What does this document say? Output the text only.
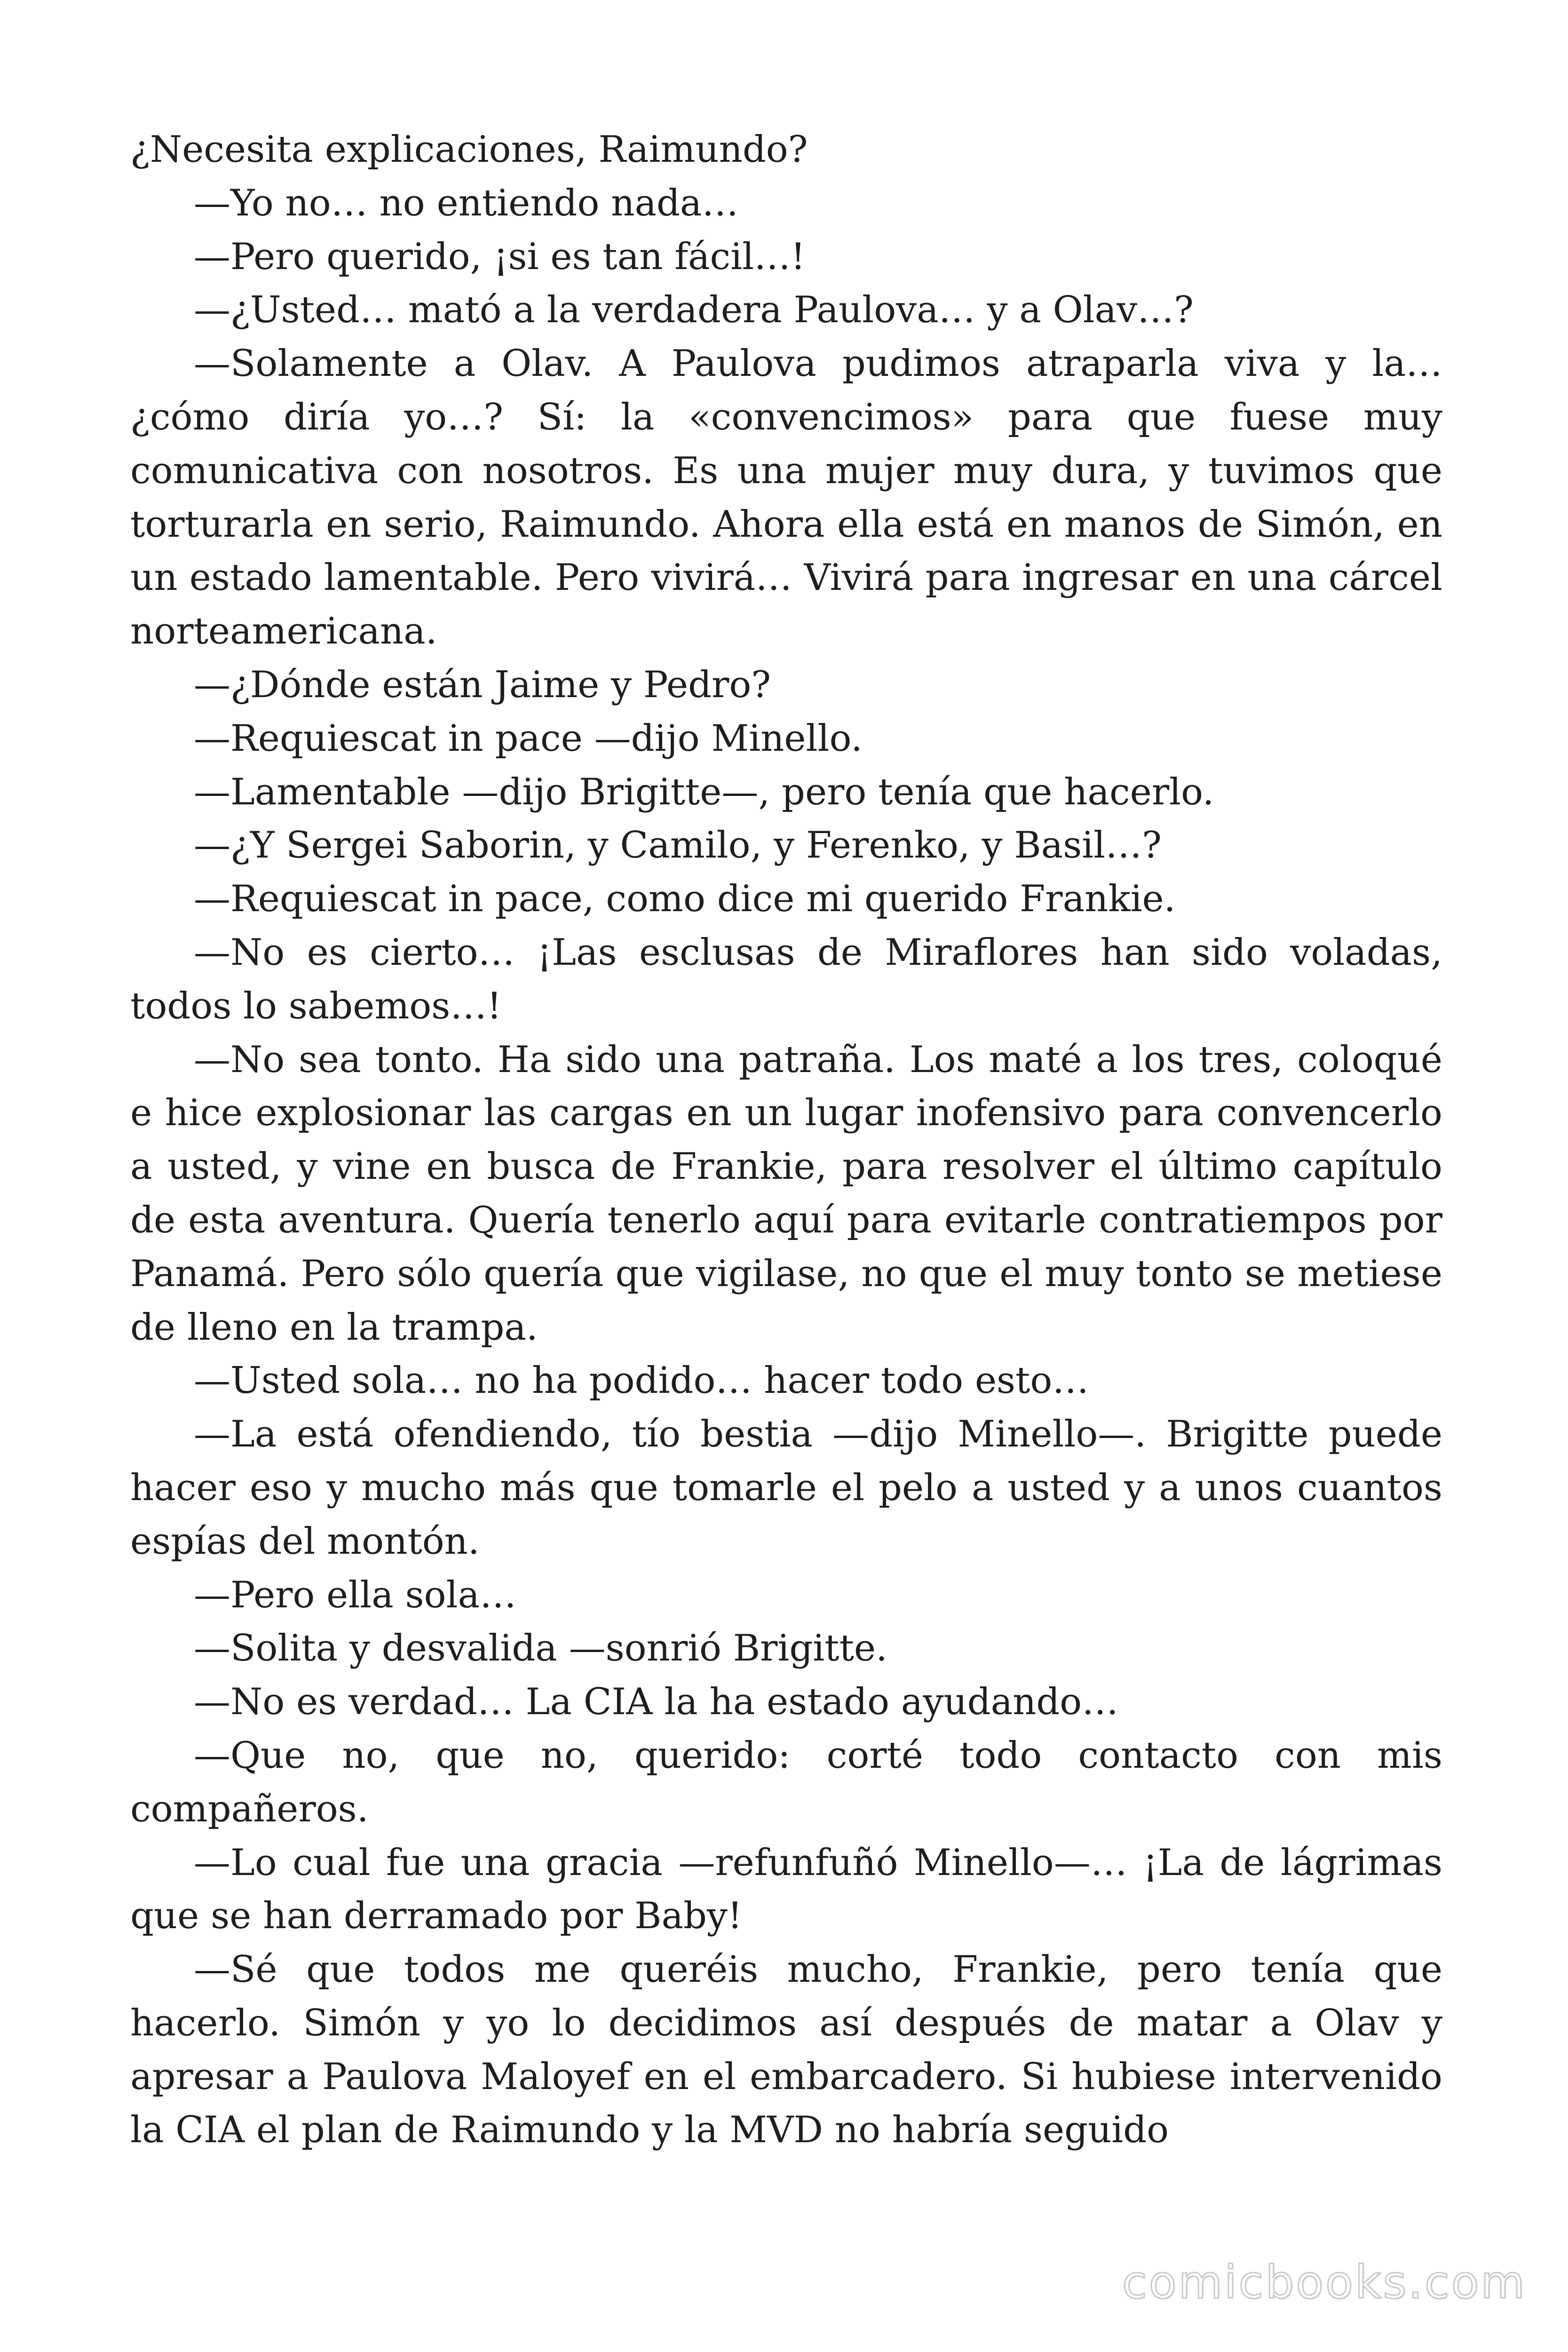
¿Necesita explicaciones, Raimundo?

—Yo no… no entiendo nada…

—Pero querido, ¡si es tan fácil…!

—¿Usted… mató a la verdadera Paulova… y a Olav…?

—Solamente a Olav. A Paulova pudimos atraparla viva y la… ¿cómo diría yo…? Sí: la «convencimos» para que fuese muy comunicativa con nosotros. Es una mujer muy dura, y tuvimos que torturarla en serio, Raimundo. Ahora ella está en manos de Simón, en un estado lamentable. Pero vivirá… Vivirá para ingresar en una cárcel norteamericana.

—¿Dónde están Jaime y Pedro?

—Requiescat in pace —dijo Minello.

—Lamentable —dijo Brigitte—, pero tenía que hacerlo.

—¿Y Sergei Saborin, y Camilo, y Ferenko, y Basil…?

—Requiescat in pace, como dice mi querido Frankie.

—No es cierto… ¡Las esclusas de Miraflores han sido voladas, todos lo sabemos…!

—No sea tonto. Ha sido una patraña. Los maté a los tres, coloqué e hice explosionar las cargas en un lugar inofensivo para convencerlo a usted, y vine en busca de Frankie, para resolver el último capítulo de esta aventura. Quería tenerlo aquí para evitarle contratiempos por Panamá. Pero sólo quería que vigilase, no que el muy tonto se metiese de lleno en la trampa.

—Usted sola… no ha podido… hacer todo esto…

—La está ofendiendo, tío bestia —dijo Minello—. Brigitte puede hacer eso y mucho más que tomarle el pelo a usted y a unos cuantos espías del montón.

—Pero ella sola…

—Solita y desvalida —sonrió Brigitte.

—No es verdad… La CIA la ha estado ayudando…

—Que no, que no, querido: corté todo contacto con mis compañeros.

—Lo cual fue una gracia —refunfuñó Minello—… ¡La de lágrimas que se han derramado por Baby!

—Sé que todos me queréis mucho, Frankie, pero tenía que hacerlo. Simón y yo lo decidimos así después de matar a Olav y apresar a Paulova Maloyef en el embarcadero. Si hubiese intervenido la CIA el plan de Raimundo y la MVD no habría seguido

comicbooks.com
